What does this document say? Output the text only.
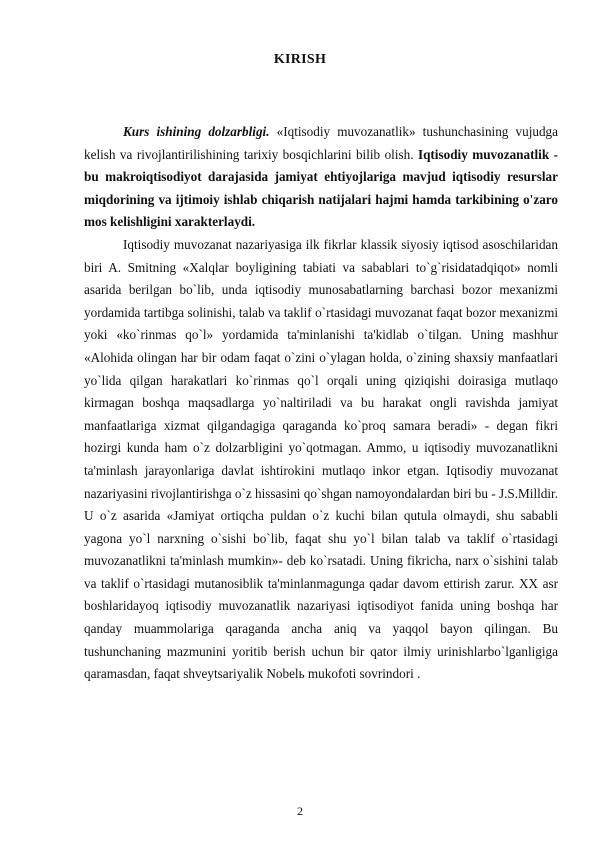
KIRISH

Kurs ishining dolzarbligi. «Iqtisodiy muvozanatlik» tushunchasining vujudga kelish va rivojlantirilishining tarixiy bosqichlarini bilib olish. Iqtisodiy muvozanatlik - bu makroiqtisodiyot darajasida jamiyat ehtiyojlariga mavjud iqtisodiy resurslar miqdorining va ijtimoiy ishlab chiqarish natijalari hajmi hamda tarkibining o'zaro mos kelishligini xarakterlaydi.

Iqtisodiy muvozanat nazariyasiga ilk fikrlar klassik siyosiy iqtisod asoschilaridan biri A. Smitning «Xalqlar boyligining tabiati va sabablari to`g`risidatadqiqot» nomli asarida berilgan bo`lib, unda iqtisodiy munosabatlarning barchasi bozor mexanizmi yordamida tartibga solinishi, talab va taklif o`rtasidagi muvozanat faqat bozor mexanizmi yoki «ko`rinmas qo`l» yordamida ta'minlanishi ta'kidlab o`tilgan. Uning mashhur «Alohida olingan har bir odam faqat o`zini o`ylagan holda, o`zining shaxsiy manfaatlari yo`lida qilgan harakatlari ko`rinmas qo`l orqali uning qiziqishi doirasiga mutlaqo kirmagan boshqa maqsadlarga yo`naltiriladi va bu harakat ongli ravishda jamiyat manfaatlariga xizmat qilgandagiga qaraganda ko`proq samara beradi» - degan fikri hozirgi kunda ham o`z dolzarbligini yo`qotmagan. Ammo, u iqtisodiy muvozanatlikni ta'minlash jarayonlariga davlat ishtirokini mutlaqo inkor etgan. Iqtisodiy muvozanat nazariyasini rivojlantirishga o`z hissasini qo`shgan namoyondalardan biri bu - J.S.Milldir. U o`z asarida «Jamiyat ortiqcha puldan o`z kuchi bilan qutula olmaydi, shu sababli yagona yo`l narxning o`sishi bo`lib, faqat shu yo`l bilan talab va taklif o`rtasidagi muvozanatlikni ta'minlash mumkin»- deb ko`rsatadi. Uning fikricha, narx o`sishini talab va taklif o`rtasidagi mutanosiblik ta'minlanmagunga qadar davom ettirish zarur. XX asr boshlaridayoq iqtisodiy muvozanatlik nazariyasi iqtisodiyot fanida uning boshqa har qanday muammolariga qaraganda ancha aniq va yaqqol bayon qilingan. Bu tushunchaning mazmunini yoritib berish uchun bir qator ilmiy urinishlarbo`lganligiga qaramasdan, faqat shveytsariyalik Nobelь mukofoti sovrindori .

2
